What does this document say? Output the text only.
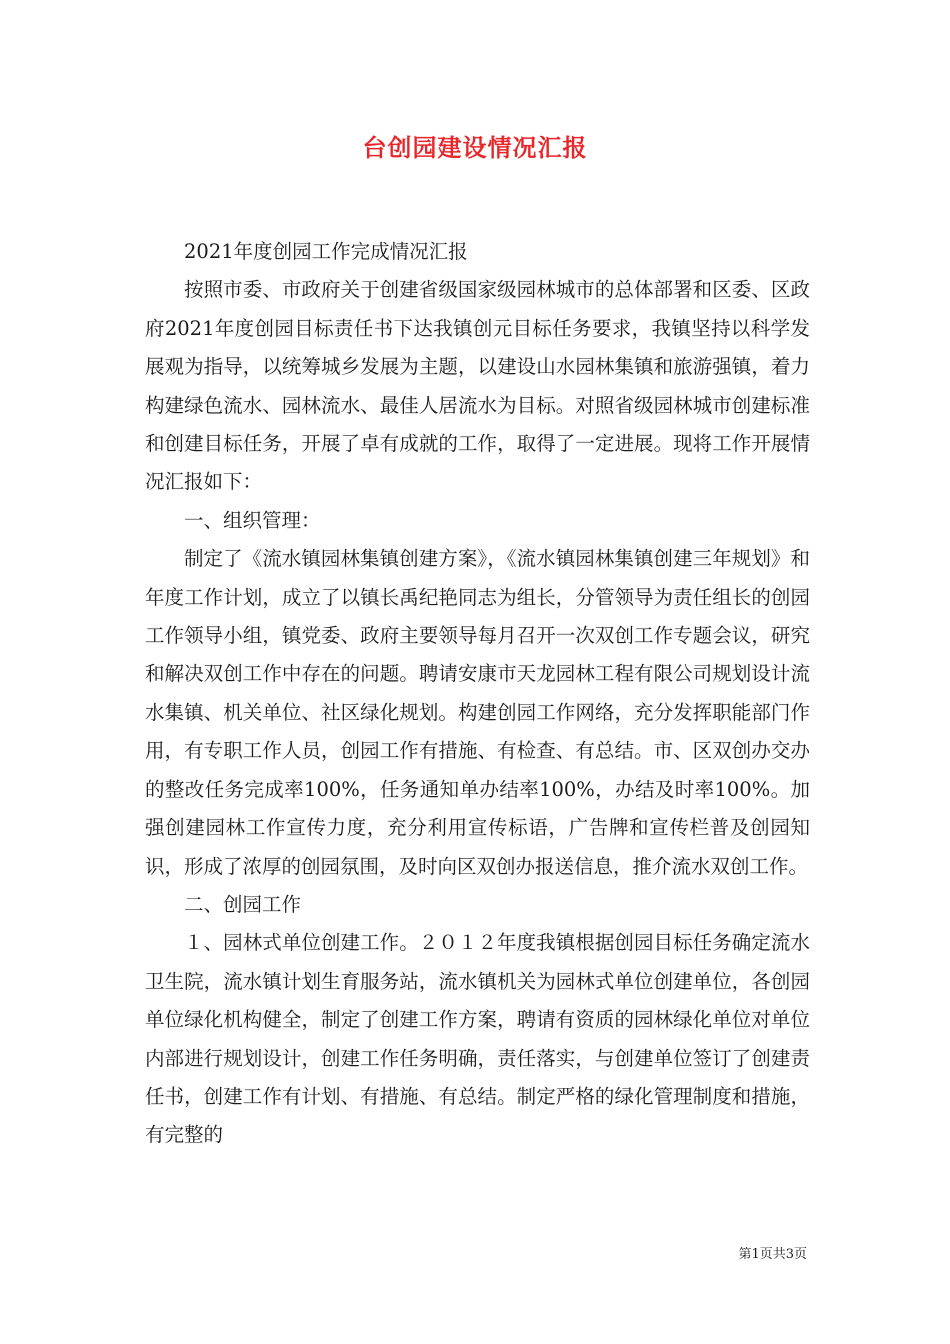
台创园建设情况汇报

2021年度创园工作完成情况汇报

按照市委、市政府关于创建省级国家级园林城市的总体部署和区委、区政府2021年度创园目标责任书下达我镇创元目标任务要求，我镇坚持以科学发展观为指导，以统筹城乡发展为主题，以建设山水园林集镇和旅游强镇，着力构建绿色流水、园林流水、最佳人居流水为目标。对照省级园林城市创建标准和创建目标任务，开展了卓有成就的工作，取得了一定进展。现将工作开展情况汇报如下：

一、组织管理：

制定了《流水镇园林集镇创建方案》，《流水镇园林集镇创建三年规划》和年度工作计划，成立了以镇长禹纪艳同志为组长，分管领导为责任组长的创园工作领导小组，镇党委、政府主要领导每月召开一次双创工作专题会议，研究和解决双创工作中存在的问题。聘请安康市天龙园林工程有限公司规划设计流水集镇、机关单位、社区绿化规划。构建创园工作网络，充分发挥职能部门作用，有专职工作人员，创园工作有措施、有检查、有总结。市、区双创办交办的整改任务完成率100%，任务通知单办结率100%，办结及时率100%。加强创建园林工作宣传力度，充分利用宣传标语，广告牌和宣传栏普及创园知识，形成了浓厚的创园氛围，及时向区双创办报送信息，推介流水双创工作。

二、创园工作

１、园林式单位创建工作。２０１２年度我镇根据创园目标任务确定流水卫生院，流水镇计划生育服务站，流水镇机关为园林式单位创建单位，各创园单位绿化机构健全，制定了创建工作方案，聘请有资质的园林绿化单位对单位内部进行规划设计，创建工作任务明确，责任落实，与创建单位签订了创建责任书，创建工作有计划、有措施、有总结。制定严格的绿化管理制度和措施，有完整的

第1页共3页
